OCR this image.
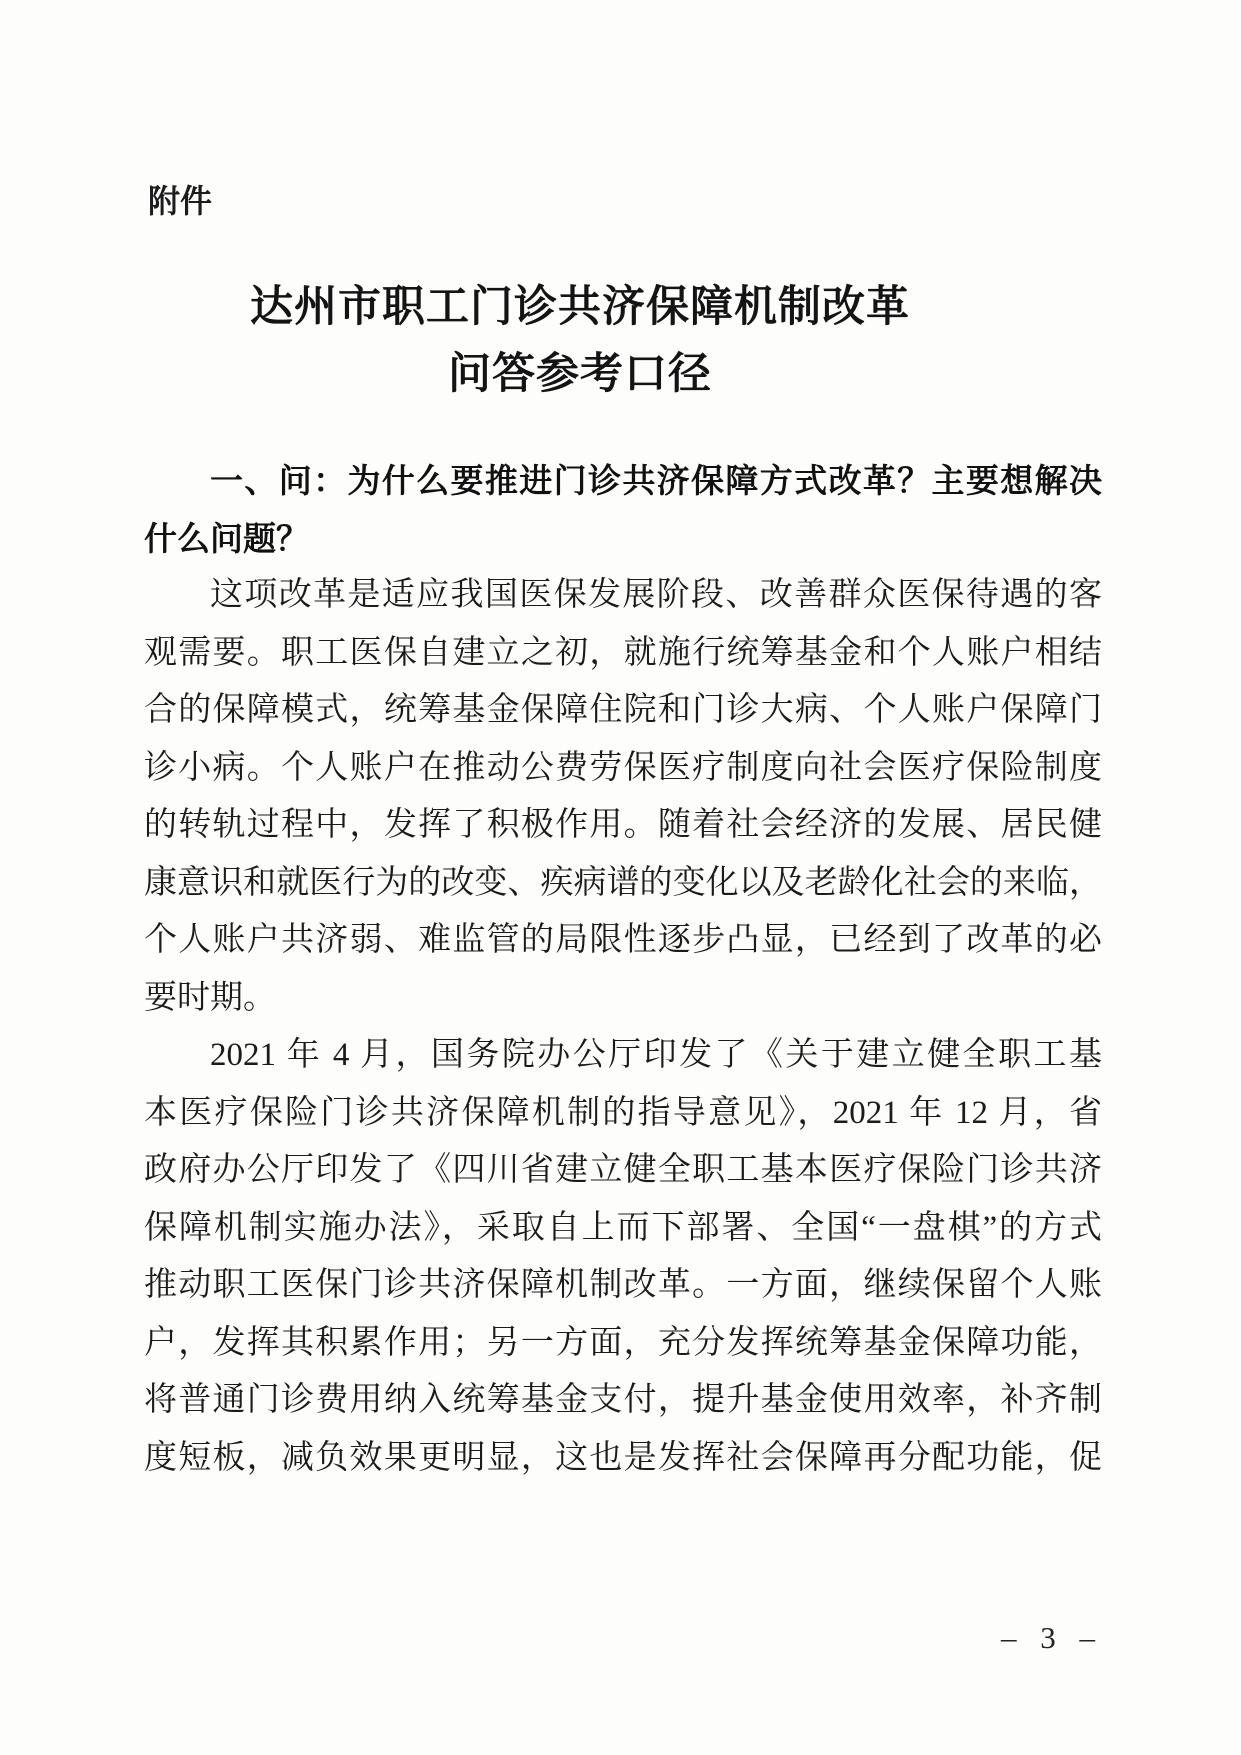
附件
达州市职工门诊共济保障机制改革
问答参考口径
一、问：为什么要推进门诊共济保障方式改革？主要想解决
什么问题？
这项改革是适应我国医保发展阶段、改善群众医保待遇的客
观需要。职工医保自建立之初，就施行统筹基金和个人账户相结
合的保障模式，统筹基金保障住院和门诊大病、个人账户保障门
诊小病。个人账户在推动公费劳保医疗制度向社会医疗保险制度
的转轨过程中，发挥了积极作用。随着社会经济的发展、居民健
康意识和就医行为的改变、疾病谱的变化以及老龄化社会的来临，
个人账户共济弱、难监管的局限性逐步凸显，已经到了改革的必
要时期。
2021 年 4 月，国务院办公厅印发了《关于建立健全职工基
本医疗保险门诊共济保障机制的指导意见》，2021 年 12 月，省
政府办公厅印发了《四川省建立健全职工基本医疗保险门诊共济
保障机制实施办法》，采取自上而下部署、全国“一盘棋”的方式
推动职工医保门诊共济保障机制改革。一方面，继续保留个人账
户，发挥其积累作用；另一方面，充分发挥统筹基金保障功能，
将普通门诊费用纳入统筹基金支付，提升基金使用效率，补齐制
度短板，减负效果更明显，这也是发挥社会保障再分配功能，促
– 3 –
